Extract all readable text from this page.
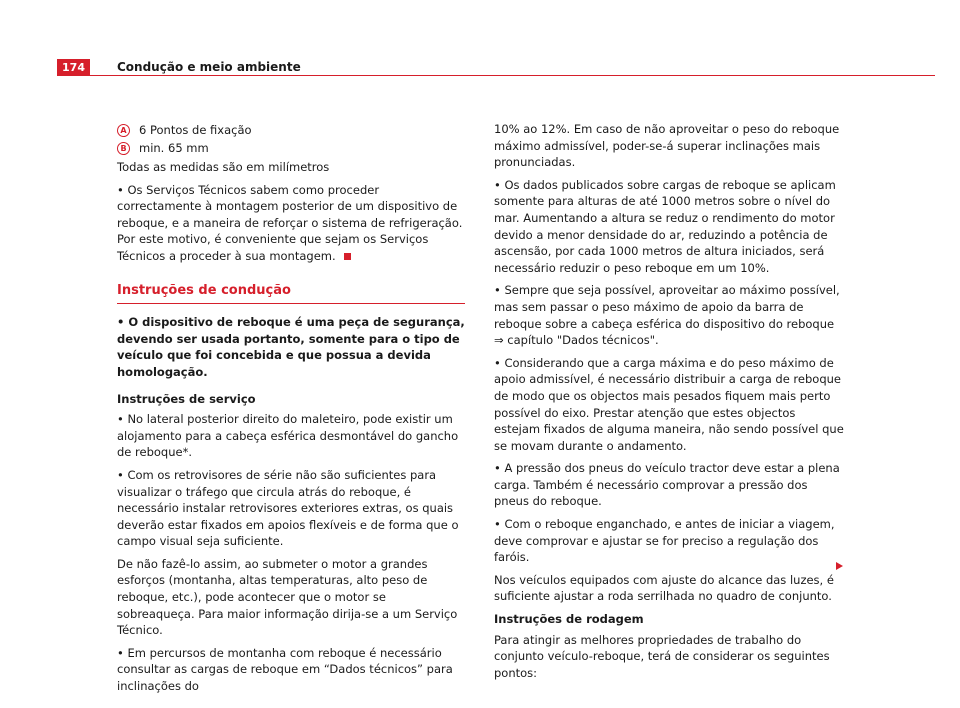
174	Condução e meio ambiente
A 6 Pontos de fixação
B	min. 65 mm

Todas as medidas são em milímetros

• Os Serviços Técnicos sabem como proceder correctamente à montagem posterior de um dispositivo de reboque, e a maneira de reforçar o sistema de refrigeração. Por este motivo, é conveniente que sejam os Serviços Técnicos a proceder à sua montagem.

Instruções de condução

• O dispositivo de reboque é uma peça de segurança, devendo ser usada portanto, somente para o tipo de veículo que foi concebida e que possua a devida homologação.

Instruções de serviço

• No lateral posterior direito do maleteiro, pode existir um alojamento para a cabeça esférica desmontável do gancho de reboque*.

• Com os retrovisores de série não são suficientes para visualizar o tráfego que circula atrás do reboque, é necessário instalar retrovisores exteriores extras, os quais deverão estar fixados em apoios flexíveis e de forma que o campo visual seja suficiente.

De não fazê-lo assim, ao submeter o motor a grandes esforços (montanha, altas temperaturas, alto peso de reboque, etc.), pode acontecer que o motor se sobreaqueça. Para maior informação dirija-se a um Serviço Técnico.

• Em percursos de montanha com reboque é necessário consultar as cargas de reboque em “Dados técnicos” para inclinações do

10% ao 12%. Em caso de não aproveitar o peso do reboque máximo admissível, poder-se-á superar inclinações mais pronunciadas.

• Os dados publicados sobre cargas de reboque se aplicam somente para alturas de até 1000 metros sobre o nível do mar. Aumentando a altura se reduz o rendimento do motor devido a menor densidade do ar, reduzindo a potência de ascensão, por cada 1000 metros de altura iniciados, será necessário reduzir o peso reboque em um 10%.

• Sempre que seja possível, aproveitar ao máximo possível, mas sem passar o peso máximo de apoio da barra de reboque sobre a cabeça esférica do dispositivo do reboque ⇒ capítulo "Dados técnicos".

• Considerando que a carga máxima e do peso máximo de apoio admissível, é necessário distribuir a carga de reboque de modo que os objectos mais pesados fiquem mais perto possível do eixo. Prestar atenção que estes objectos estejam fixados de alguma maneira, não sendo possível que se movam durante o andamento.

• A pressão dos pneus do veículo tractor deve estar a plena carga. Também é necessário comprovar a pressão dos pneus do reboque.

• Com o reboque enganchado, e antes de iniciar a viagem, deve comprovar e ajustar se for preciso a regulação dos faróis.

Nos veículos equipados com ajuste do alcance das luzes, é suficiente ajustar a roda serrilhada no quadro de conjunto.

Instruções de rodagem

Para atingir as melhores propriedades de trabalho do conjunto veículo-reboque, terá de considerar os seguintes pontos:
